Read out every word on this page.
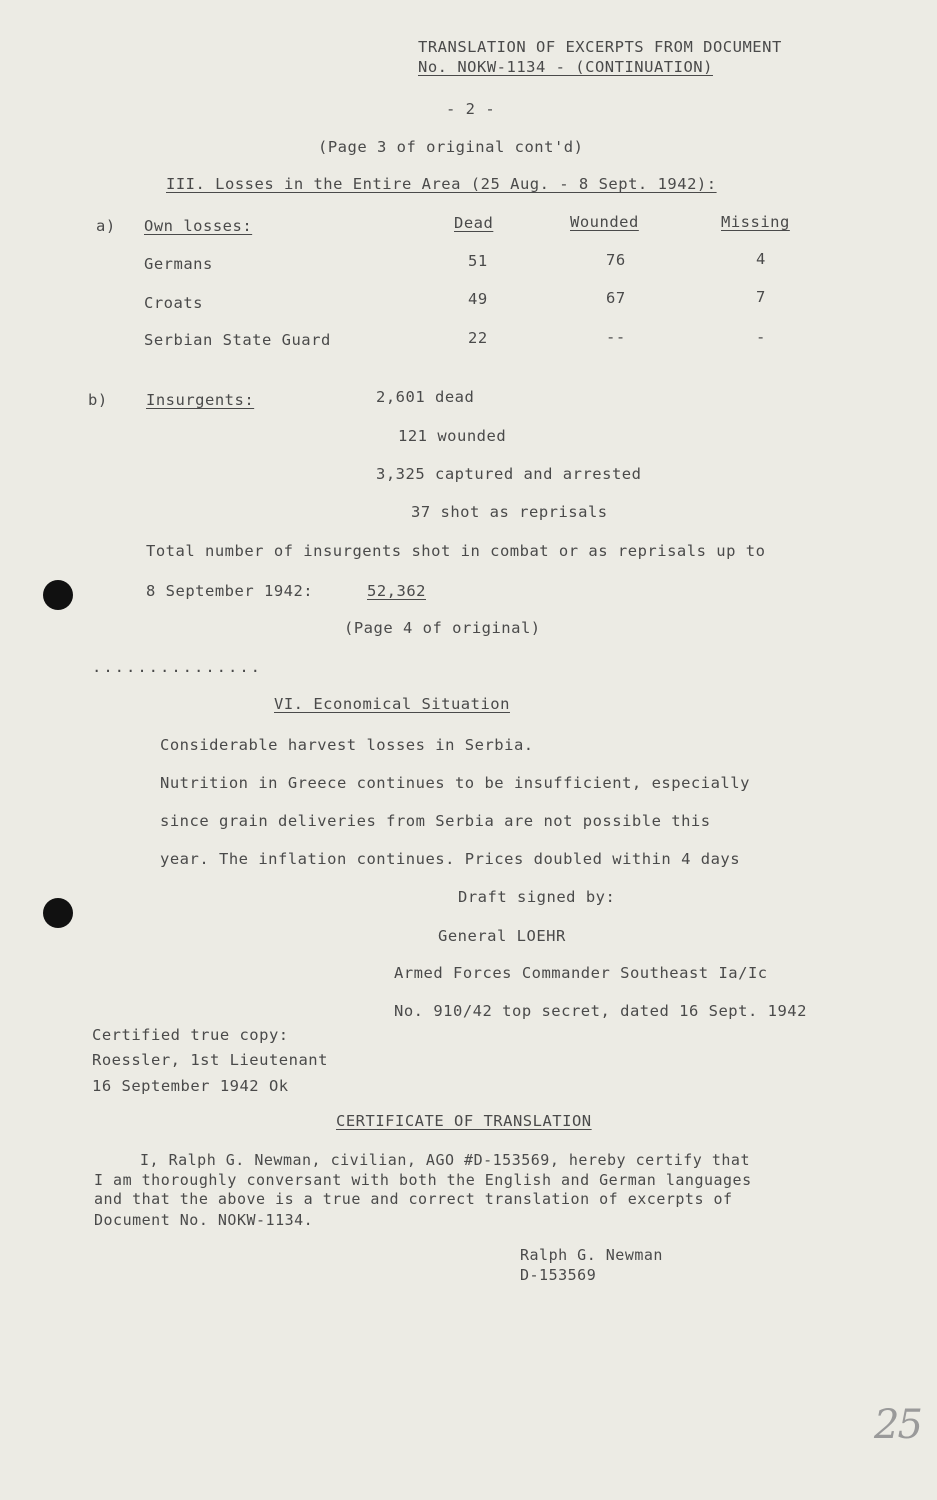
TRANSLATION OF EXCERPTS FROM DOCUMENT
No. NOKW-1134 - (CONTINUATION)
- 2 -
(Page 3 of original cont'd)
III. Losses in the Entire Area (25 Aug. - 8 Sept. 1942):
a) Own losses:	Dead	Wounded	Missing
Germans	51	76	4
Croats	49	67	7
Serbian State Guard	22	--	-
b) Insurgents:	2,601 dead
121 wounded
3,325 captured and arrested
37 shot as reprisals
Total number of insurgents shot in combat or as reprisals up to
8 September 1942:	52,362
(Page 4 of original)
...............
VI. Economical Situation
Considerable harvest losses in Serbia.
Nutrition in Greece continues to be insufficient, especially
since grain deliveries from Serbia are not possible this
year. The inflation continues. Prices doubled within 4 days
Draft signed by:
General LOEHR
Armed Forces Commander Southeast Ia/Ic
No. 910/42 top secret, dated 16 Sept. 1942
Certified true copy:
Roessler, 1st Lieutenant
16 September 1942 Ok
CERTIFICATE OF TRANSLATION
I, Ralph G. Newman, civilian, AGO #D-153569, hereby certify that
I am thoroughly conversant with both the English and German languages
and that the above is a true and correct translation of excerpts of
Document No. NOKW-1134.
Ralph G. Newman
D-153569
25
